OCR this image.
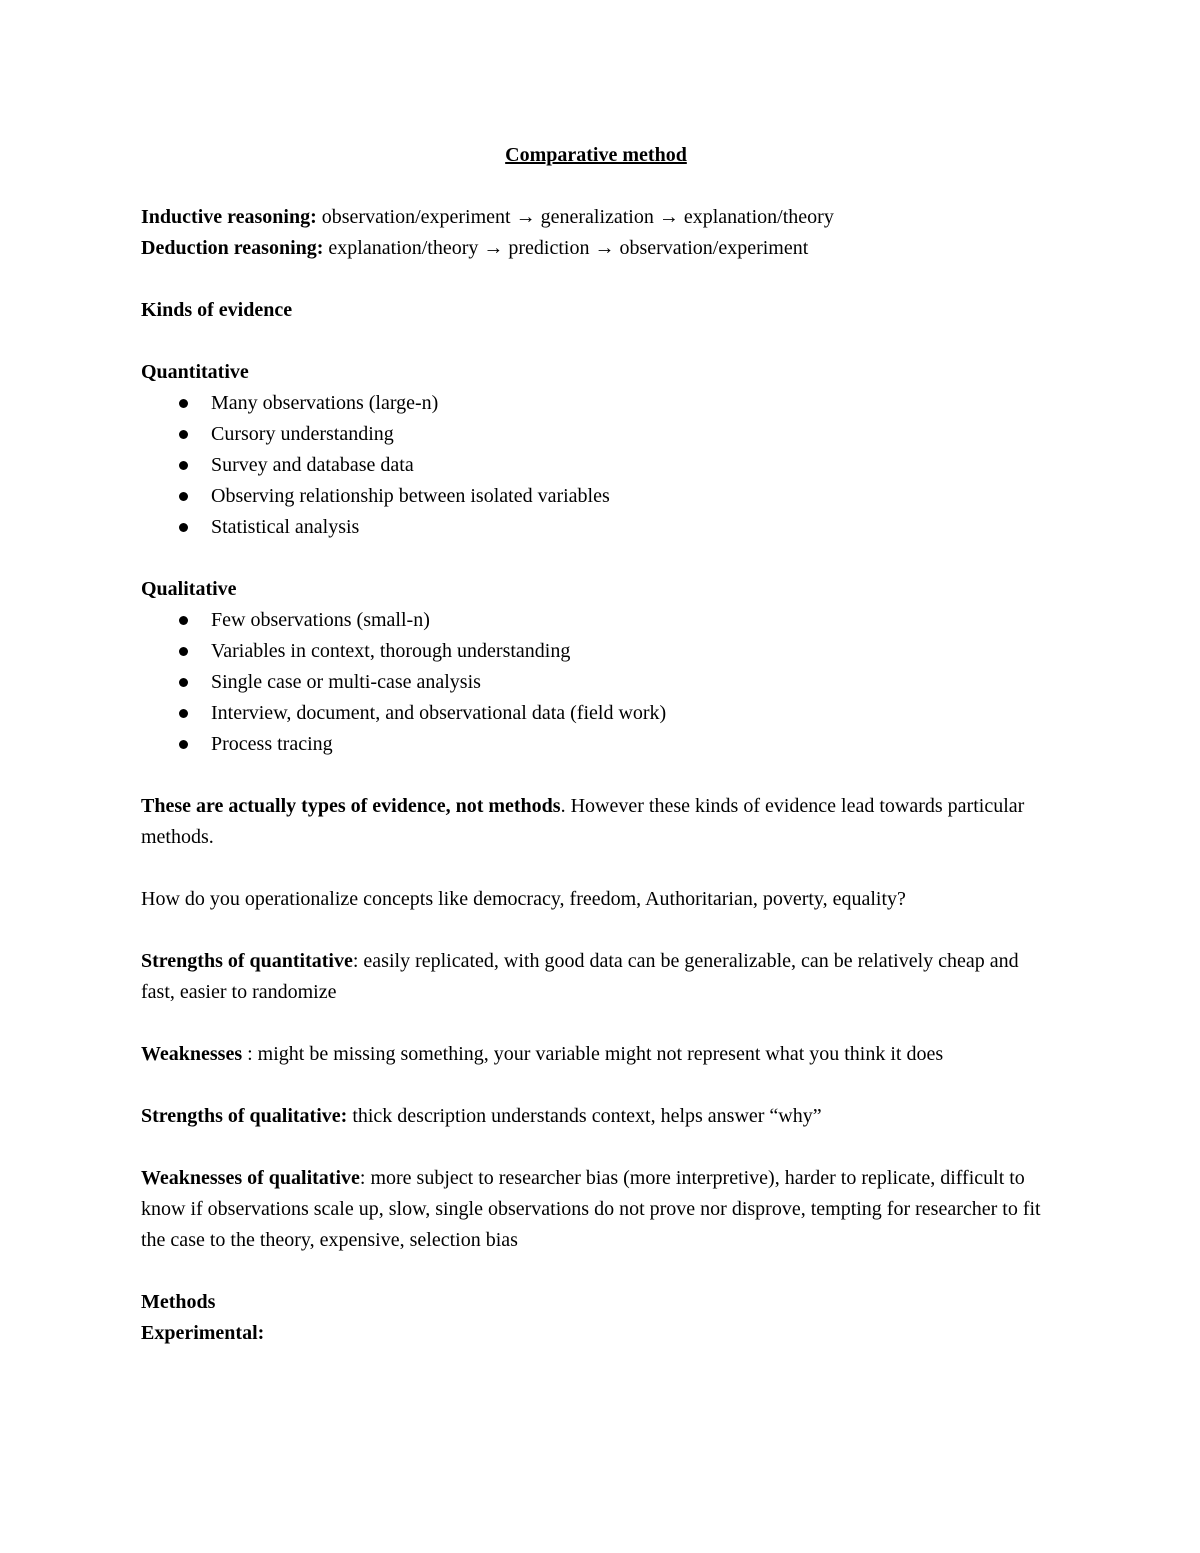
Comparative method

Inductive reasoning: observation/experiment → generalization → explanation/theory

Deduction reasoning: explanation/theory → prediction → observation/experiment

Kinds of evidence

Quantitative

Many observations (large-n)
Cursory understanding
Survey and database data
Observing relationship between isolated variables
Statistical analysis

Qualitative

Few observations (small-n)
Variables in context, thorough understanding
Single case or multi-case analysis
Interview, document, and observational data (field work)
Process tracing

These are actually types of evidence, not methods. However these kinds of evidence lead towards particular methods.

How do you operationalize concepts like democracy, freedom, Authoritarian, poverty, equality?

Strengths of quantitative: easily replicated, with good data can be generalizable, can be relatively cheap and fast, easier to randomize

Weaknesses : might be missing something, your variable might not represent what you think it does

Strengths of qualitative: thick description understands context, helps answer “why”

Weaknesses of qualitative: more subject to researcher bias (more interpretive), harder to replicate, difficult to know if observations scale up, slow, single observations do not prove nor disprove, tempting for researcher to fit the case to the theory, expensive, selection bias

Methods

Experimental:
